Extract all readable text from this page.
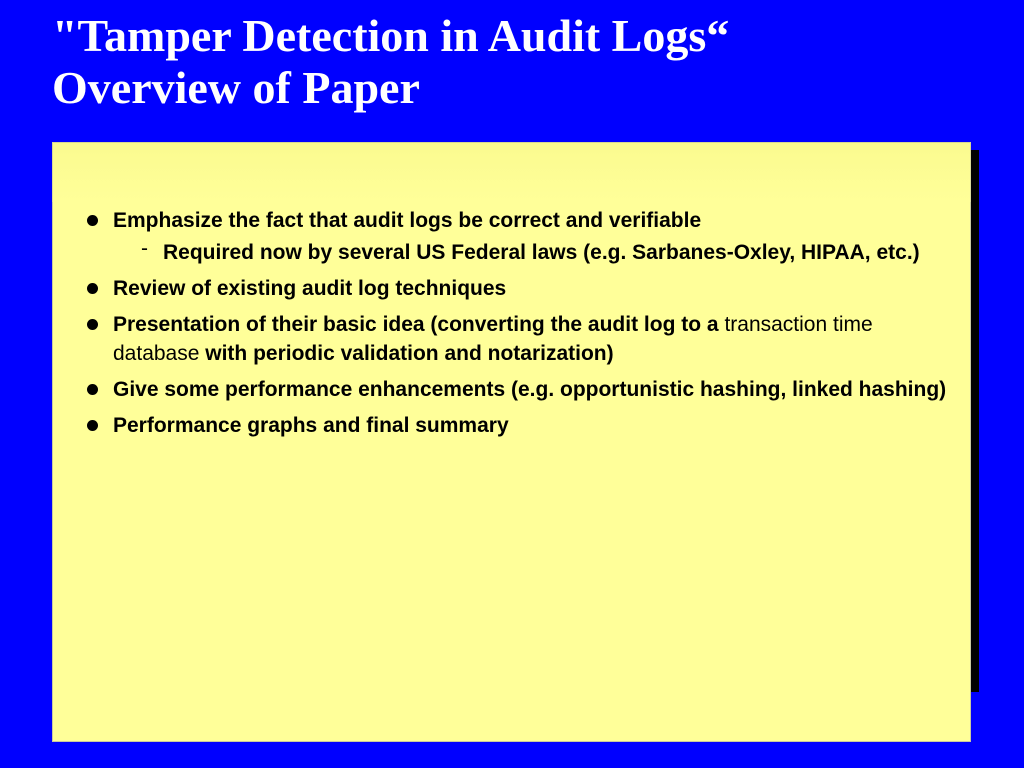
"Tamper Detection in Audit Logs“
Overview of Paper
Emphasize the fact that audit logs be correct and verifiable
- Required now by several US Federal laws (e.g. Sarbanes-Oxley, HIPAA, etc.)
Review of existing audit log techniques
Presentation of their basic idea (converting the audit log to a transaction time database with periodic validation and notarization)
Give some performance enhancements (e.g. opportunistic hashing, linked hashing)
Performance graphs and final summary
